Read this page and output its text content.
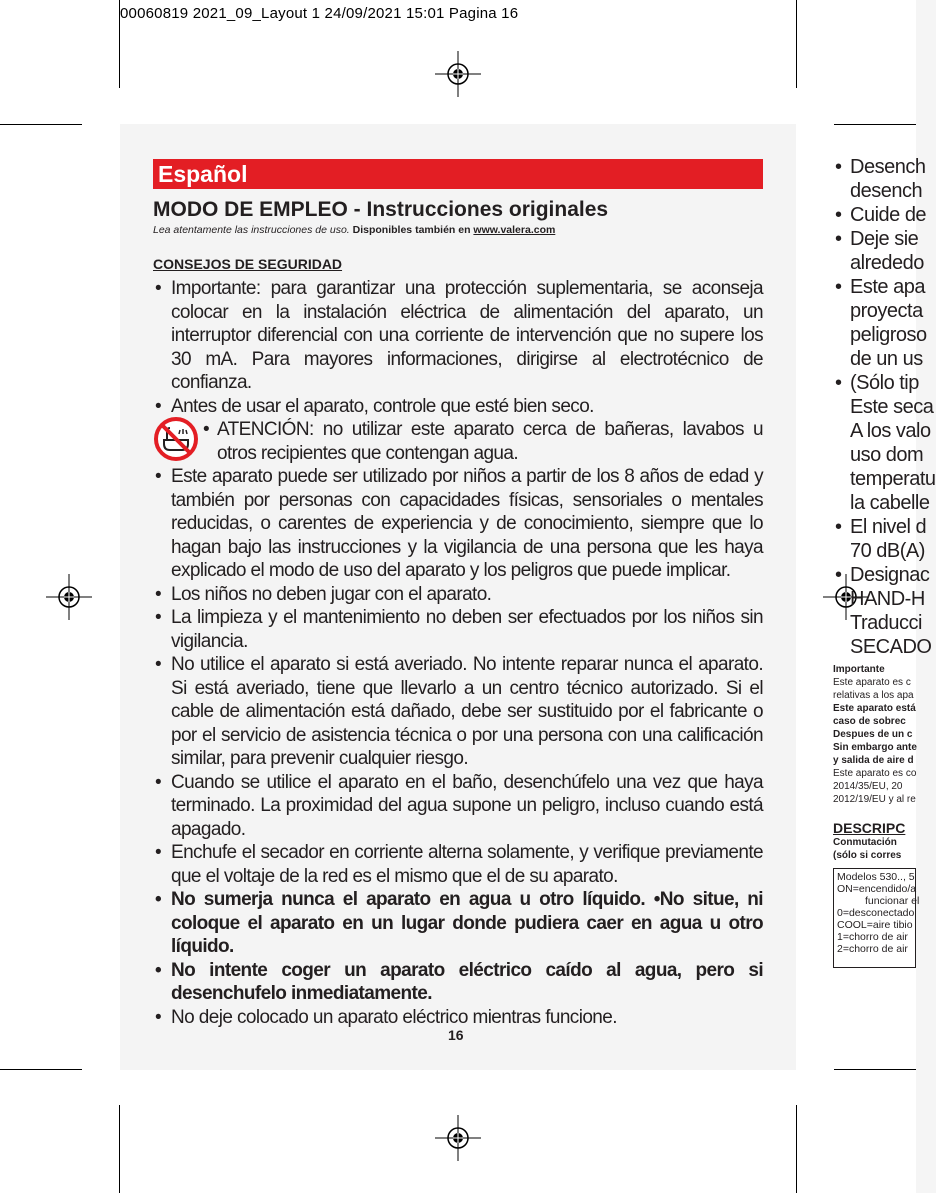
00060819 2021_09_Layout 1 24/09/2021 15:01 Pagina 16
Español
MODO DE EMPLEO - Instrucciones originales
Lea atentamente las instrucciones de uso. Disponibles también en www.valera.com
CONSEJOS DE SEGURIDAD
• Importante: para garantizar una protección suplementaria, se aconseja colocar en la instalación eléctrica de alimentación del aparato, un interruptor diferencial con una corriente de intervención que no supere los 30 mA. Para mayores informaciones, dirigirse al electrotécnico de confianza.
• Antes de usar el aparato, controle que esté bien seco.
• ATENCIÓN: no utilizar este aparato cerca de bañeras, lavabos u otros recipientes que contengan agua.
• Este aparato puede ser utilizado por niños a partir de los 8 años de edad y también por personas con capacidades físicas, sensoriales o mentales reducidas, o carentes de experiencia y de conocimiento, siempre que lo hagan bajo las instrucciones y la vigilancia de una persona que les haya explicado el modo de uso del aparato y los peligros que puede implicar.
• Los niños no deben jugar con el aparato.
• La limpieza y el mantenimiento no deben ser efectuados por los niños sin vigilancia.
• No utilice el aparato si está averiado. No intente reparar nunca el aparato. Si está averiado, tiene que llevarlo a un centro técnico autorizado. Si el cable de alimentación está dañado, debe ser sustituido por el fabricante o por el servicio de asistencia técnica o por una persona con una calificación similar, para prevenir cualquier riesgo.
• Cuando se utilice el aparato en el baño, desenchúfelo una vez que haya terminado. La proximidad del agua supone un peligro, incluso cuando está apagado.
• Enchufe el secador en corriente alterna solamente, y verifique previamente que el voltaje de la red es el mismo que el de su aparato.
• No sumerja nunca el aparato en agua u otro líquido. •No situe, ni coloque el aparato en un lugar donde pudiera caer en agua u otro líquido.
• No intente coger un aparato eléctrico caído al agua, pero si desenchufelo inmediatamente.
• No deje colocado un aparato eléctrico mientras funcione.
16
• Desench
desench
• Cuide de
• Deje sie
alrededo
• Este apa
proyecta
peligroso
de un us
• (Sólo tip
Este seca
A los valo
uso dom
temperatu
la cabelle
• El nivel d
70 dB(A)
• Designac
HAND-H
Traducci
SECADO
Importante
Este aparato es c
relativas a los apa
Este aparato está
caso de sobrec
Despues de un c
Sin embargo ante
y salida de aire d
Este aparato es co
2014/35/EU, 20
2012/19/EU y al re
DESCRIPC
Conmutación
(sólo si corres
Modelos 530.., 5
ON=encendido/a
funcionar el
0=desconectado
COOL=aire tibio
1=chorro de air
2=chorro de air
